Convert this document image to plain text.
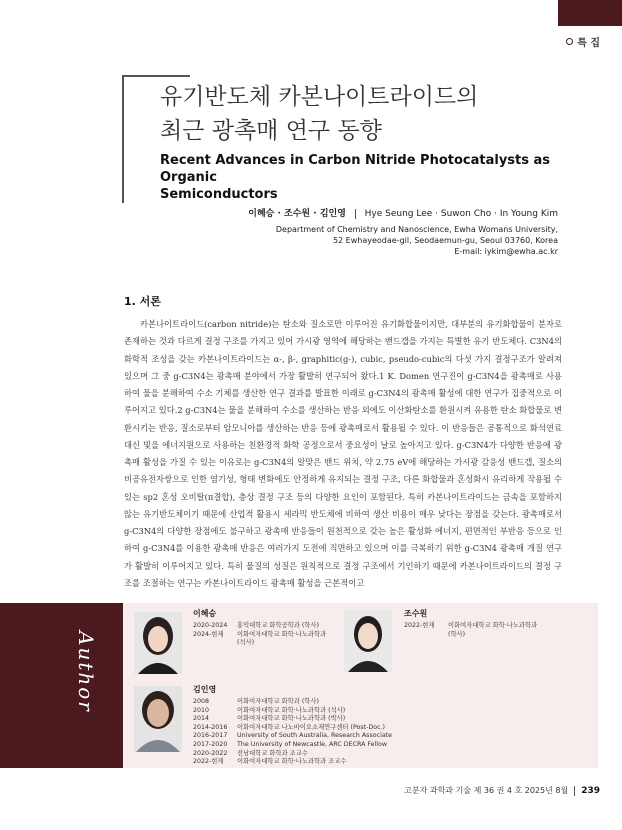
특 집
유기반도체 카본나이트라이드의
최근 광촉매 연구 동향
Recent Advances in Carbon Nitride Photocatalysts as Organic
Semiconductors
이혜승 · 조수원 · 김인영 Hye Seung Lee · Suwon Cho · In Young Kim
Department of Chemistry and Nanoscience, Ewha Womans University,
52 Ewhayeodae-gil, Seodaemun-gu, Seoul 03760, Korea
E-mail: iykim@ewha.ac.kr
1. 서론

카본나이트라이드(carbon nitride)는 탄소와 질소로만 이루어진 유기화합물이지만, 대부분의 유기화합물이 분자로 존재하는 것과 다르게 결정 구조를 가지고 있어 가시광 영역에 해당하는 밴드갭을 가지는 특별한 유기 반도체다. C3N4의 화학적 조성을 갖는 카본나이트라이드는 α-, β-, graphitic(g-), cubic, pseudo-cubic의 다섯 가지 결정구조가 알려져 있으며 그 중 g-C3N4는 광촉매 분야에서 가장 활발히 연구되어 왔다.1 K. Domen 연구진이 g-C3N4을 광촉매로 사용하여 물을 분해하여 수소 기체를 생산한 연구 결과를 발표한 이래로 g-C3N4의 광촉매 활성에 대한 연구가 집중적으로 이루어지고 있다.2 g-C3N4는 물을 분해하여 수소를 생산하는 반응 외에도 이산화탄소를 환원시켜 유용한 탄소 화합물로 변환시키는 반응, 질소로부터 암모니아를 생산하는 반응 등에 광촉매로서 활용될 수 있다. 이 반응들은 공통적으로 화석연료 대신 빛을 에너지원으로 사용하는 친환경적 화학 공정으로서 중요성이 날로 높아지고 있다. g-C3N4가 다양한 반응에 광촉매 활성을 가질 수 있는 이유로는 g-C3N4의 알맞은 밴드 위치, 약 2.75 eV에 해당하는 가시광 감응성 밴드갭, 질소의 비공유전자쌍으로 인한 염기성, 형태 변화에도 안정하게 유지되는 결정 구조, 다른 화합물과 혼성화시 유리하게 작용될 수 있는 sp2 혼성 오비탈(π결합), 층상 결정 구조 등의 다양한 요인이 포함된다. 특히 카본나이트라이드는 금속을 포함하지 않는 유기반도체이기 때문에 산업적 활용시 세라믹 반도체에 비하여 생산 비용이 매우 낮다는 장점을 갖는다. 광촉매로서 g-C3N4의 다양한 장점에도 불구하고 광촉매 반응들이 원천적으로 갖는 높은 활성화 에너지, 편면적인 부반응 등으로 인하여 g-C3N4를 이용한 광촉매 반응은 여러가지 도전에 직면하고 있으며 이를 극복하기 위한 g-C3N4 광촉매 개질 연구가 활발히 이루어지고 있다. 특히 물질의 성질은 원칙적으로 결정 구조에서 기인하기 때문에 카본나이트라이드의 결정 구조를 조절하는 연구는 카본나이트라이드 광촉매 활성을 근본적이고

Author
이혜승
2020-2024	홍익대학교 화학공학과 (학사)
2024-현재	이화여자대학교 화학·나노과학과
(석사)
조수원
2022-현재	이화여자대학교 화학·나노과학과
(학사)
김인영
2008	이화여자대학교 화학과 (학사)
2010	이화여자대학교 화학·나노과학과 (석사)
2014	이화여자대학교 화학·나노과학과 (박사)
2014-2016	이화여자대학교 나노바이오소재연구센터 (Post-Doc.)
2016-2017	University of South Australia, Research Associate
2017-2020	The University of Newcastle, ARC DECRA Fellow
2020-2022	전남대학교 화학과 조교수
2022-현재	이화여자대학교 화학·나노과학과 조교수
고분자 과학과 기술 제 36 권 4 호 2025년 8월 239
